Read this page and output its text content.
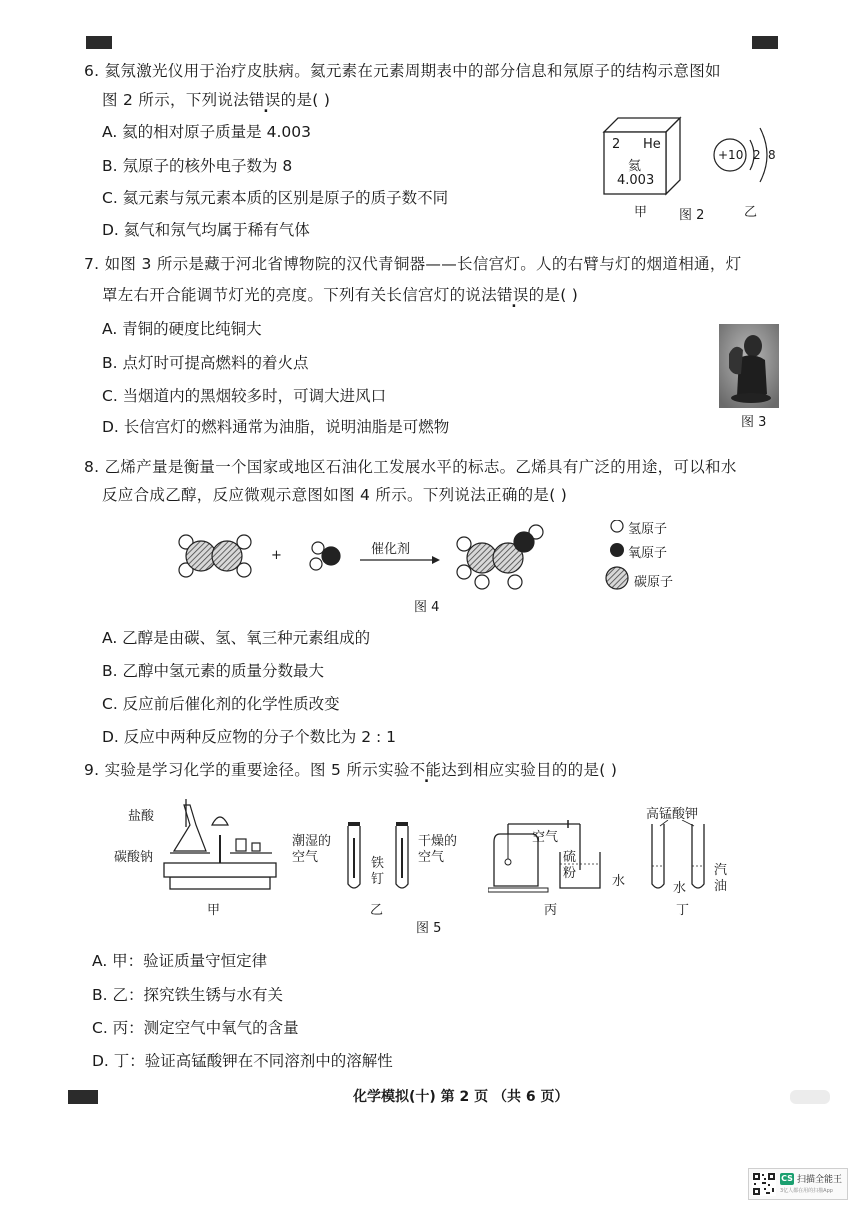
6. 氦氖激光仪用于治疗皮肤病。氦元素在元素周期表中的部分信息和氖原子的结构示意图如
图 2 所示，下列说法错误的是( )
A. 氦的相对原子质量是 4.003
B. 氖原子的核外电子数为 8
C. 氦元素与氖元素本质的区别是原子的质子数不同
D. 氦气和氖气均属于稀有气体
2 He
氦
4.003
甲 图 2
+10 2 8
乙
7. 如图 3 所示是藏于河北省博物院的汉代青铜器——长信宫灯。人的右臂与灯的烟道相通，灯
罩左右开合能调节灯光的亮度。下列有关长信宫灯的说法错误的是( )
A. 青铜的硬度比纯铜大
B. 点灯时可提高燃料的着火点
C. 当烟道内的黑烟较多时，可调大进风口
D. 长信宫灯的燃料通常为油脂，说明油脂是可燃物	图 3
8. 乙烯产量是衡量一个国家或地区石油化工发展水平的标志。乙烯具有广泛的用途，可以和水
反应合成乙醇，反应微观示意图如图 4 所示。下列说法正确的是( )
+	催化剂
氢原子
氧原子
碳原子
图 4
A. 乙醇是由碳、氢、氧三种元素组成的
B. 乙醇中氢元素的质量分数最大
C. 反应前后催化剂的化学性质改变
D. 反应中两种反应物的分子个数比为 2 : 1
9. 实验是学习化学的重要途径。图 5 所示实验不能达到相应实验目的的是( )
盐酸
碳酸钠
潮湿的
空气	铁
钉
干燥的
空气
空气
硫
粉
水
高锰酸钾
水
汽
油
甲	乙	丙	丁
图 5
A. 甲：验证质量守恒定律
B. 乙：探究铁生锈与水有关
C. 丙：测定空气中氧气的含量
D. 丁：验证高锰酸钾在不同溶剂中的溶解性
化学模拟(十) 第 2 页 （共 6 页）
CS 扫描全能王
3亿人都在用的扫描App
